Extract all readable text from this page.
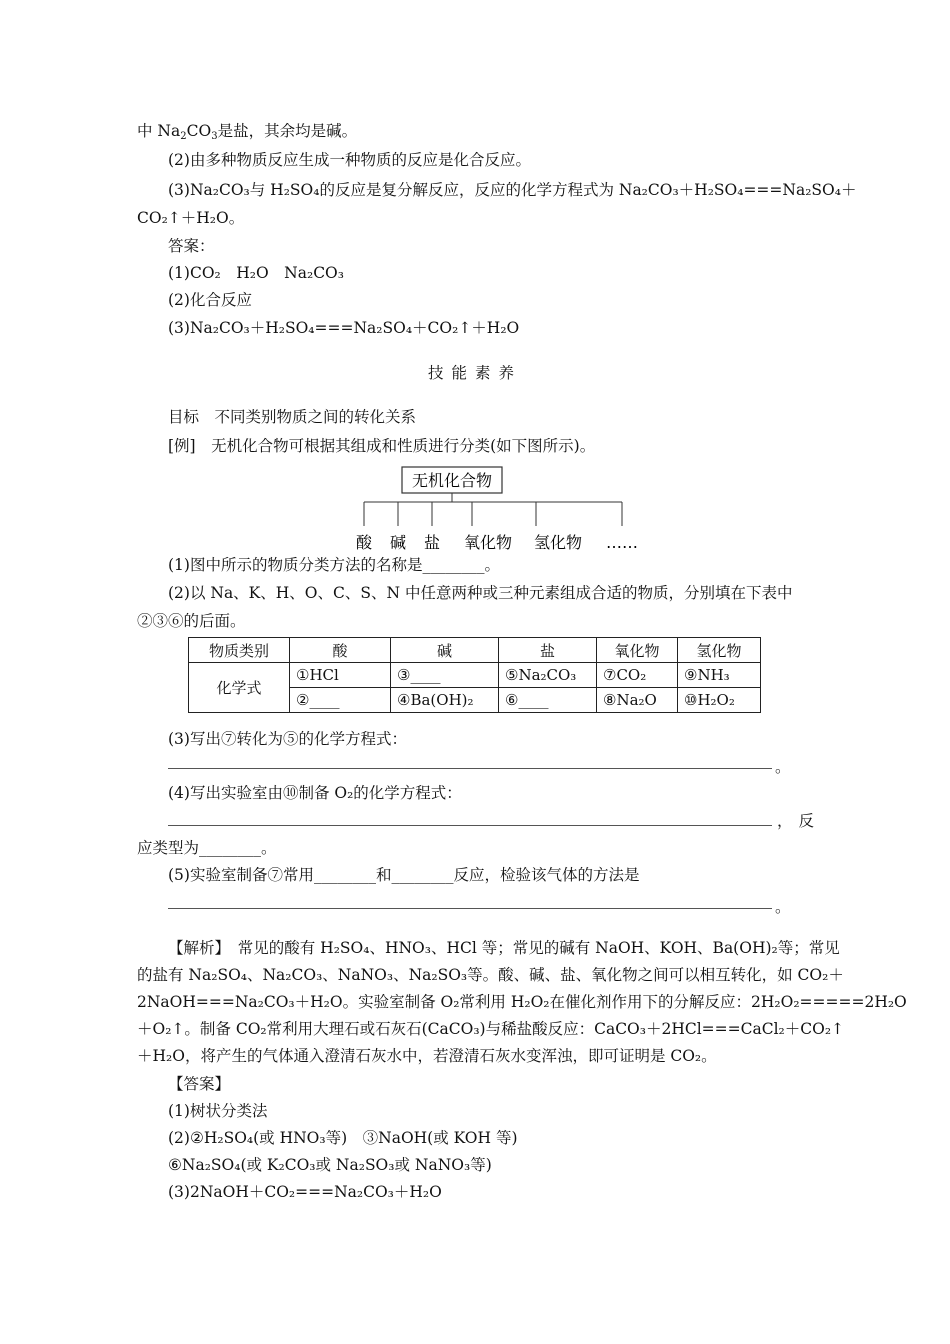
中 $Na_2CO_3$是盐，其余均是碱。
(2)由多种物质反应生成一种物质的反应是化合反应。
(3)Na₂CO₃与 H₂SO₄的反应是复分解反应，反应的化学方程式为 Na₂CO₃＋H₂SO₄===Na₂SO₄＋
CO₂↑＋H₂O。
答案：
(1)CO₂　H₂O　Na₂CO₃
(2)化合反应
(3)Na₂CO₃＋H₂SO₄===Na₂SO₄＋CO₂↑＋H₂O
技能素养
目标　不同类别物质之间的转化关系
[例]　无机化合物可根据其组成和性质进行分类(如下图所示)。
无机化合物
酸 碱 盐 氧化物 氢化物 ……
(1)图中所示的物质分类方法的名称是________。
(2)以 Na、K、H、O、C、S、N 中任意两种或三种元素组成合适的物质，分别填在下表中
②③⑥的后面。
物质类别	酸	碱	盐	氧化物	氢化物
化学式	①HCl	③____	⑤Na₂CO₃	⑦CO₂	⑨NH₃
	②____	④Ba(OH)₂	⑥____	⑧Na₂O	⑩H₂O₂
(3)写出⑦转化为⑤的化学方程式：
。
(4)写出实验室由⑩制备 O₂的化学方程式：
，反
应类型为________。
(5)实验室制备⑦常用________和________反应，检验该气体的方法是
。
【解析】　常见的酸有 H₂SO₄、HNO₃、HCl 等；常见的碱有 NaOH、KOH、Ba(OH)₂等；常见
的盐有 Na₂SO₄、Na₂CO₃、NaNO₃、Na₂SO₃等。酸、碱、盐、氧化物之间可以相互转化，如 CO₂＋
2NaOH===Na₂CO₃＋H₂O。实验室制备 O₂常利用 H₂O₂在催化剂作用下的分解反应：2H₂O₂=====2H₂O
＋O₂↑。制备 CO₂常利用大理石或石灰石(CaCO₃)与稀盐酸反应：CaCO₃＋2HCl===CaCl₂＋CO₂↑
＋H₂O，将产生的气体通入澄清石灰水中，若澄清石灰水变浑浊，即可证明是 CO₂。
【答案】
(1)树状分类法
(2)②H₂SO₄(或 HNO₃等)　③NaOH(或 KOH 等)
⑥Na₂SO₄(或 K₂CO₃或 Na₂SO₃或 NaNO₃等)
(3)2NaOH＋CO₂===Na₂CO₃＋H₂O
